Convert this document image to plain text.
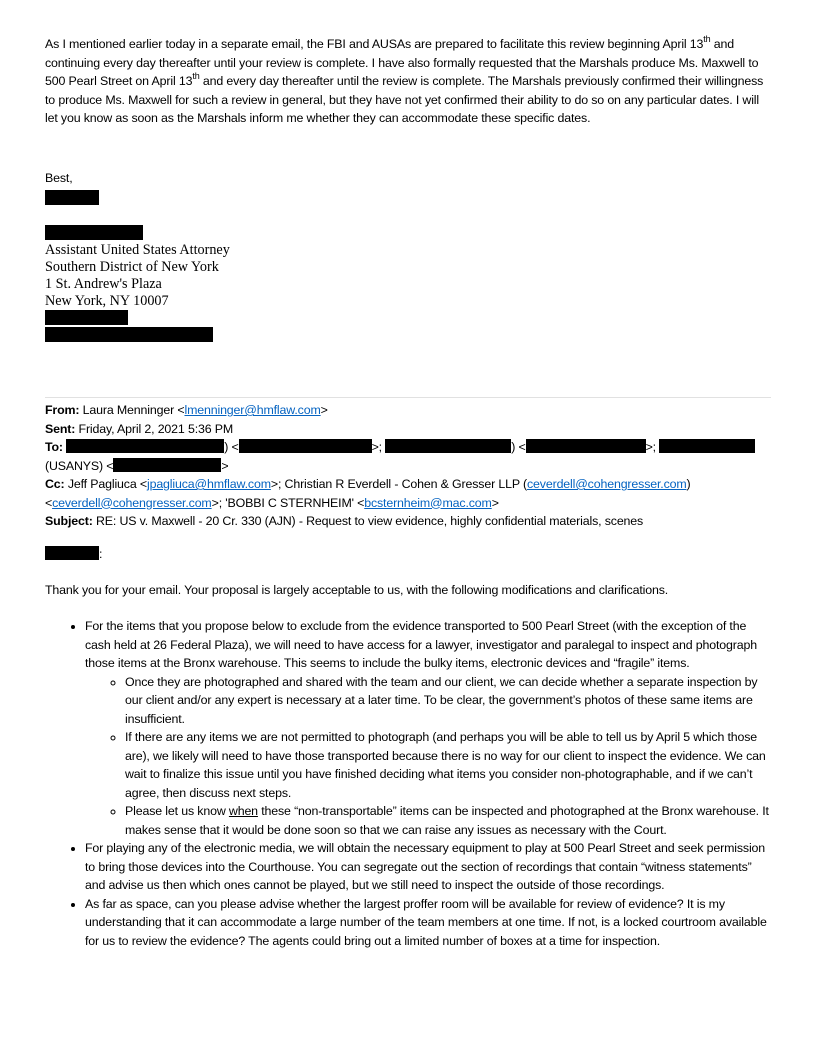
As I mentioned earlier today in a separate email, the FBI and AUSAs are prepared to facilitate this review beginning April 13th and continuing every day thereafter until your review is complete. I have also formally requested that the Marshals produce Ms. Maxwell to 500 Pearl Street on April 13th and every day thereafter until the review is complete. The Marshals previously confirmed their willingness to produce Ms. Maxwell for such a review in general, but they have not yet confirmed their ability to do so on any particular dates. I will let you know as soon as the Marshals inform me whether they can accommodate these specific dates.
Best,
Assistant United States Attorney
Southern District of New York
1 St. Andrew's Plaza
New York, NY 10007
From: Laura Menninger <lmenninger@hmflaw.com>
Sent: Friday, April 2, 2021 5:36 PM
To:	) <	>;	) <	>;
(USANYS) <	>
Cc: Jeff Pagliuca <jpagliuca@hmflaw.com>; Christian R Everdell - Cohen & Gresser LLP (ceverdell@cohengresser.com) <ceverdell@cohengresser.com>; 'BOBBI C STERNHEIM' <bcsternheim@mac.com>
Subject: RE: US v. Maxwell - 20 Cr. 330 (AJN) - Request to view evidence, highly confidential materials, scenes
:
Thank you for your email. Your proposal is largely acceptable to us, with the following modifications and clarifications.
• For the items that you propose below to exclude from the evidence transported to 500 Pearl Street (with the exception of the cash held at 26 Federal Plaza), we will need to have access for a lawyer, investigator and paralegal to inspect and photograph those items at the Bronx warehouse. This seems to include the bulky items, electronic devices and “fragile” items.
◦ Once they are photographed and shared with the team and our client, we can decide whether a separate inspection by our client and/or any expert is necessary at a later time. To be clear, the government’s photos of these same items are insufficient.
◦ If there are any items we are not permitted to photograph (and perhaps you will be able to tell us by April 5 which those are), we likely will need to have those transported because there is no way for our client to inspect the evidence. We can wait to finalize this issue until you have finished deciding what items you consider non-photographable, and if we can’t agree, then discuss next steps.
◦ Please let us know when these “non-transportable” items can be inspected and photographed at the Bronx warehouse. It makes sense that it would be done soon so that we can raise any issues as necessary with the Court.
• For playing any of the electronic media, we will obtain the necessary equipment to play at 500 Pearl Street and seek permission to bring those devices into the Courthouse. You can segregate out the section of recordings that contain “witness statements” and advise us then which ones cannot be played, but we still need to inspect the outside of those recordings.
• As far as space, can you please advise whether the largest proffer room will be available for review of evidence? It is my understanding that it can accommodate a large number of the team members at one time. If not, is a locked courtroom available for us to review the evidence? The agents could bring out a limited number of boxes at a time for inspection.
